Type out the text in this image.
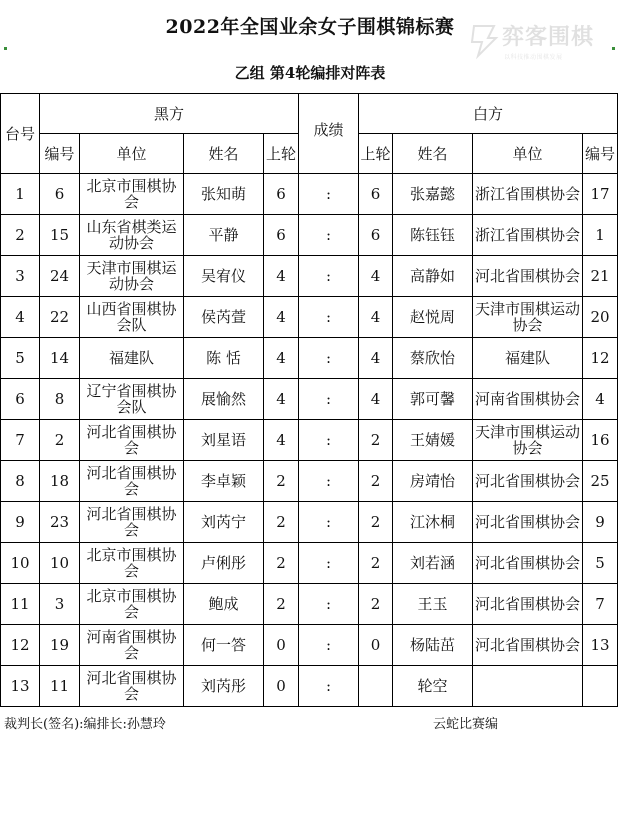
2022年全国业余女子围棋锦标赛	弈客围棋
以科技推动围棋发展
乙组 第4轮编排对阵表
台号	黑方				成绩	白方			
	编号	单位	姓名	上轮		上轮	姓名	单位	编号
1	6	北京市围棋协会	张知萌	6	:	6	张嘉懿	浙江省围棋协会	17
2	15	山东省棋类运动协会	平静	6	:	6	陈钰钰	浙江省围棋协会	1
3	24	天津市围棋运动协会	吴宥仪	4	:	4	高静如	河北省围棋协会	21
4	22	山西省围棋协会队	侯芮萱	4	:	4	赵悦周	天津市围棋运动协会	20
5	14	福建队	陈 恬	4	:	4	蔡欣怡	福建队	12
6	8	辽宁省围棋协会队	展愉然	4	:	4	郭可馨	河南省围棋协会	4
7	2	河北省围棋协会	刘星语	4	:	2	王婧媛	天津市围棋运动协会	16
8	18	河北省围棋协会	李卓颖	2	:	2	房靖怡	河北省围棋协会	25
9	23	河北省围棋协会	刘芮宁	2	:	2	江沐桐	河北省围棋协会	9
10	10	北京市围棋协会	卢俐彤	2	:	2	刘若涵	河北省围棋协会	5
11	3	北京市围棋协会	鲍成	2	:	2	王玉	河北省围棋协会	7
12	19	河南省围棋协会	何一答	0	:	0	杨陆茁	河北省围棋协会	13
13	11	河北省围棋协会	刘芮彤	0	:		轮空		
裁判长(签名):编排长:孙慧玲	云蛇比赛编
